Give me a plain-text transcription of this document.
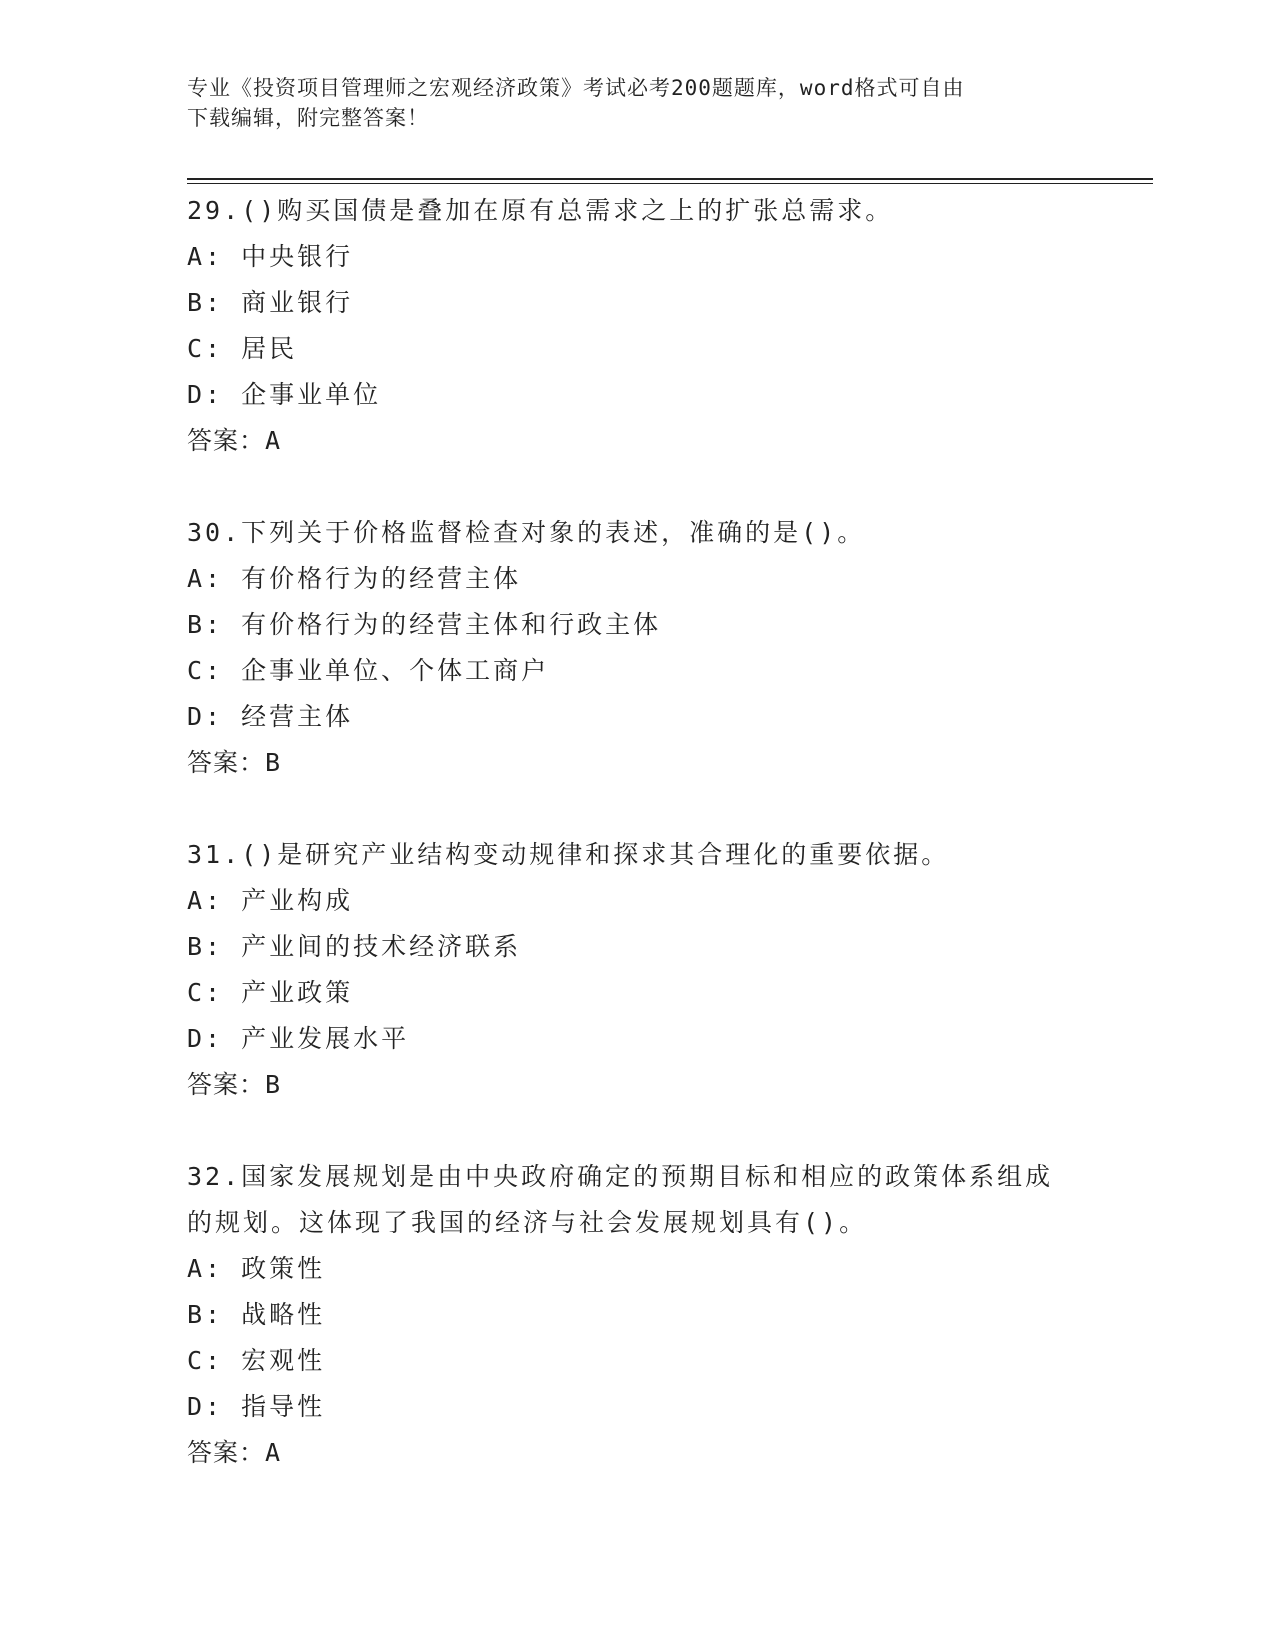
专业《投资项目管理师之宏观经济政策》考试必考200题题库，word格式可自由
下载编辑，附完整答案！
29.()购买国债是叠加在原有总需求之上的扩张总需求。
A: 中央银行
B: 商业银行
C: 居民
D: 企事业单位
答案：A
30.下列关于价格监督检查对象的表述，准确的是()。
A: 有价格行为的经营主体
B: 有价格行为的经营主体和行政主体
C: 企事业单位、个体工商户
D: 经营主体
答案：B
31.()是研究产业结构变动规律和探求其合理化的重要依据。
A: 产业构成
B: 产业间的技术经济联系
C: 产业政策
D: 产业发展水平
答案：B
32.国家发展规划是由中央政府确定的预期目标和相应的政策体系组成
的规划。这体现了我国的经济与社会发展规划具有()。
A: 政策性
B: 战略性
C: 宏观性
D: 指导性
答案：A
